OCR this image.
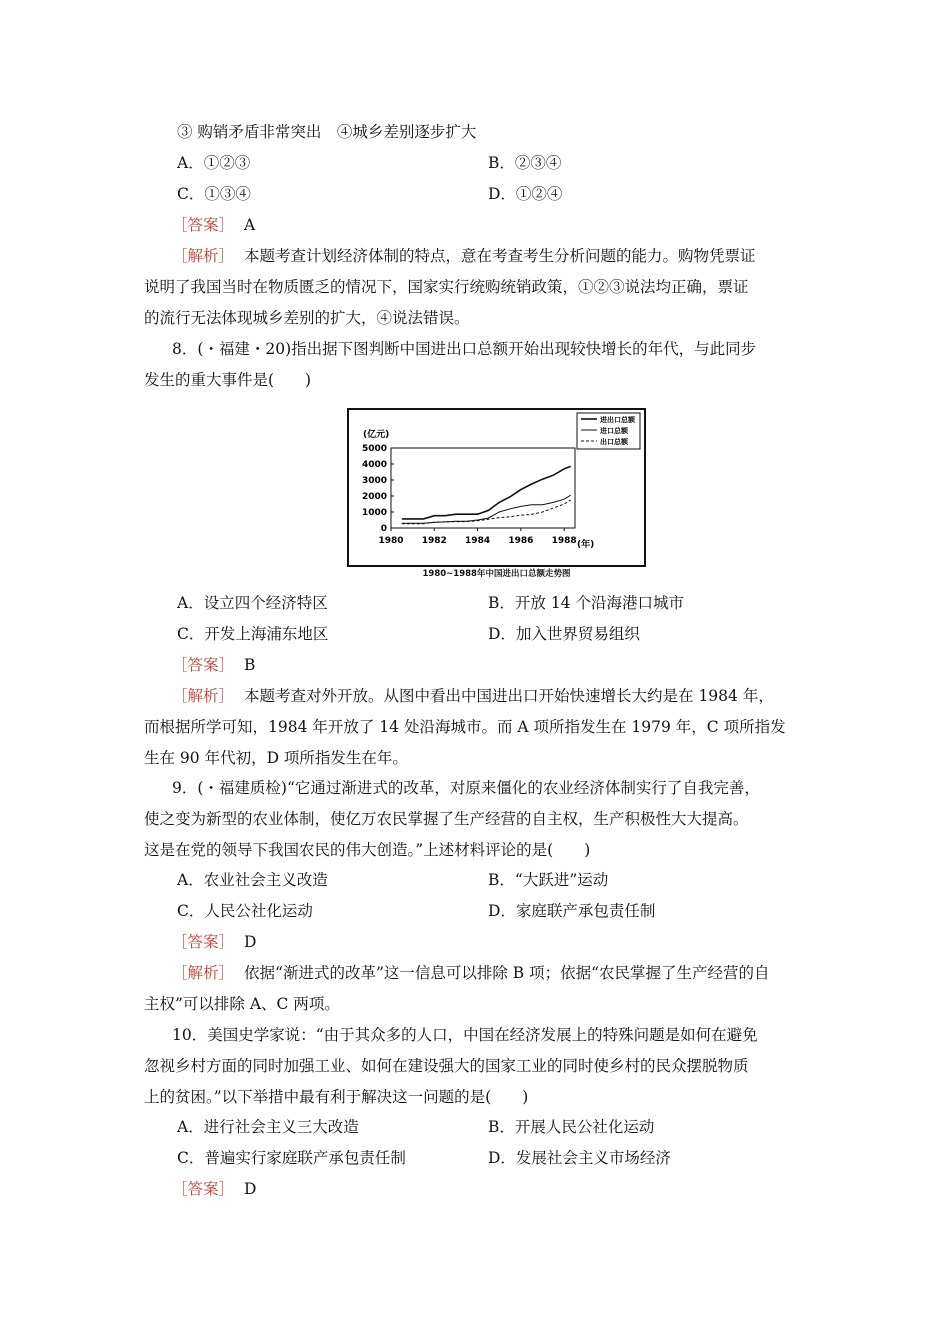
③ 购销矛盾非常突出　④城乡差别逐步扩大
A．①②③	B．②③④
C．①③④	D．①②④
［答案］ A
［解析］ 本题考查计划经济体制的特点，意在考查考生分析问题的能力。购物凭票证
说明了我国当时在物质匮乏的情况下，国家实行统购统销政策，①②③说法均正确，票证
的流行无法体现城乡差别的扩大，④说法错误。
8．(・福建・20)指出据下图判断中国进出口总额开始出现较快增长的年代，与此同步
发生的重大事件是(　　)
进出口总额
进口总额
出口总额
(亿元)
(年)
0
1000
2000
3000
4000
5000
1980 1982 1984 1986 1988
1980~1988年中国进出口总额走势图
A．设立四个经济特区	B．开放 14 个沿海港口城市
C．开发上海浦东地区	D．加入世界贸易组织
［答案］ B
［解析］ 本题考查对外开放。从图中看出中国进出口开始快速增长大约是在 1984 年，
而根据所学可知，1984 年开放了 14 处沿海城市。而 A 项所指发生在 1979 年，C 项所指发
生在 90 年代初，D 项所指发生在年。
9．(・福建质检)“它通过渐进式的改革，对原来僵化的农业经济体制实行了自我完善，
使之变为新型的农业体制，使亿万农民掌握了生产经营的自主权，生产积极性大大提高。
这是在党的领导下我国农民的伟大创造。”上述材料评论的是(　　)
A．农业社会主义改造	B．“大跃进”运动
C．人民公社化运动	D．家庭联产承包责任制
［答案］ D
［解析］ 依据“渐进式的改革”这一信息可以排除 B 项；依据“农民掌握了生产经营的自
主权”可以排除 A、C 两项。
10．美国史学家说：“由于其众多的人口，中国在经济发展上的特殊问题是如何在避免
忽视乡村方面的同时加强工业、如何在建设强大的国家工业的同时使乡村的民众摆脱物质
上的贫困。”以下举措中最有利于解决这一问题的是(　　)
A．进行社会主义三大改造	B．开展人民公社化运动
C．普遍实行家庭联产承包责任制	D．发展社会主义市场经济
［答案］ D
